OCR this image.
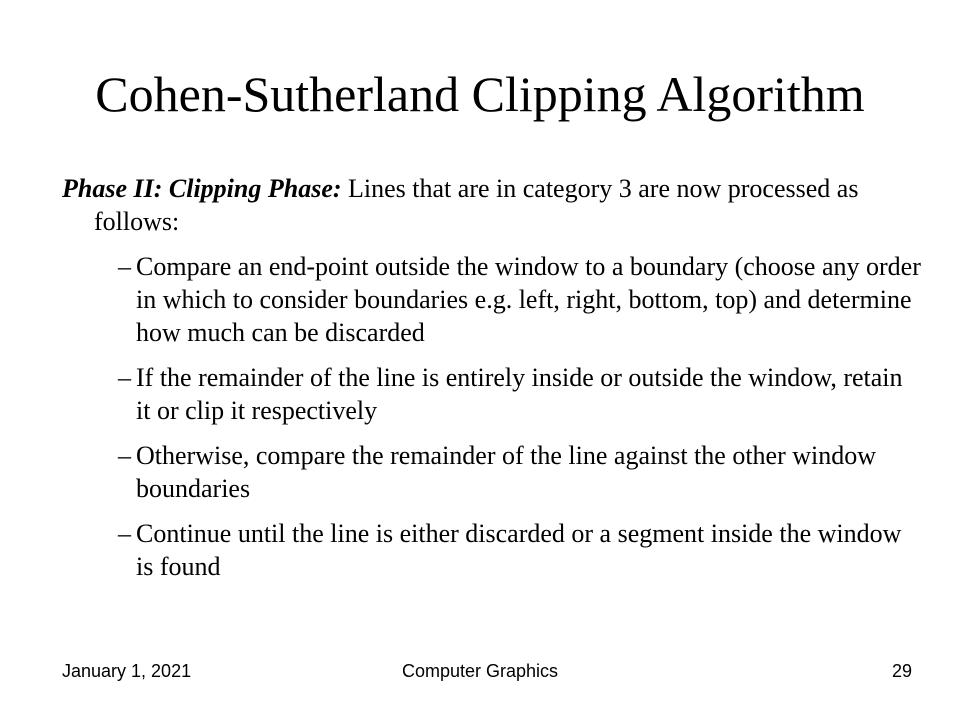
Cohen-Sutherland Clipping Algorithm

Phase II: Clipping Phase: Lines that are in category 3 are now processed as follows:

– Compare an end-point outside the window to a boundary (choose any order in which to consider boundaries e.g. left, right, bottom, top) and determine how much can be discarded
– If the remainder of the line is entirely inside or outside the window, retain it or clip it respectively
– Otherwise, compare the remainder of the line against the other window boundaries
– Continue until the line is either discarded or a segment inside the window is found
January 1, 2021	Computer Graphics	29
